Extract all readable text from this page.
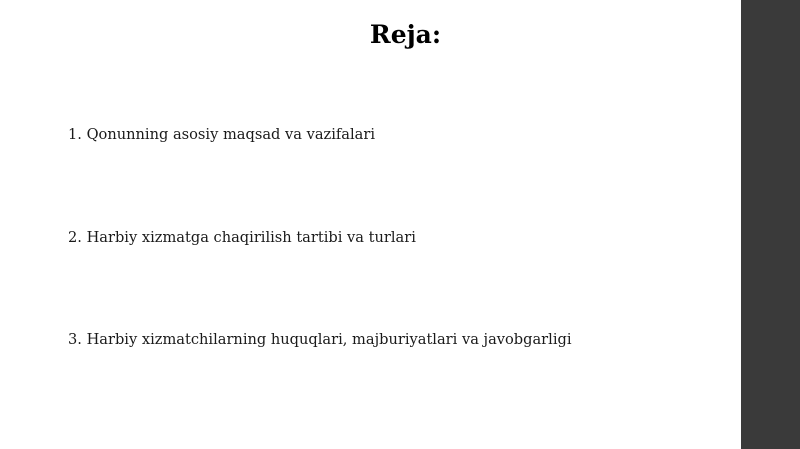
Reja:

1. Qonunning asosiy maqsad va vazifalari

2. Harbiy xizmatga chaqirilish tartibi va turlari

3. Harbiy xizmatchilarning huquqlari, majburiyatlari va javobgarligi
